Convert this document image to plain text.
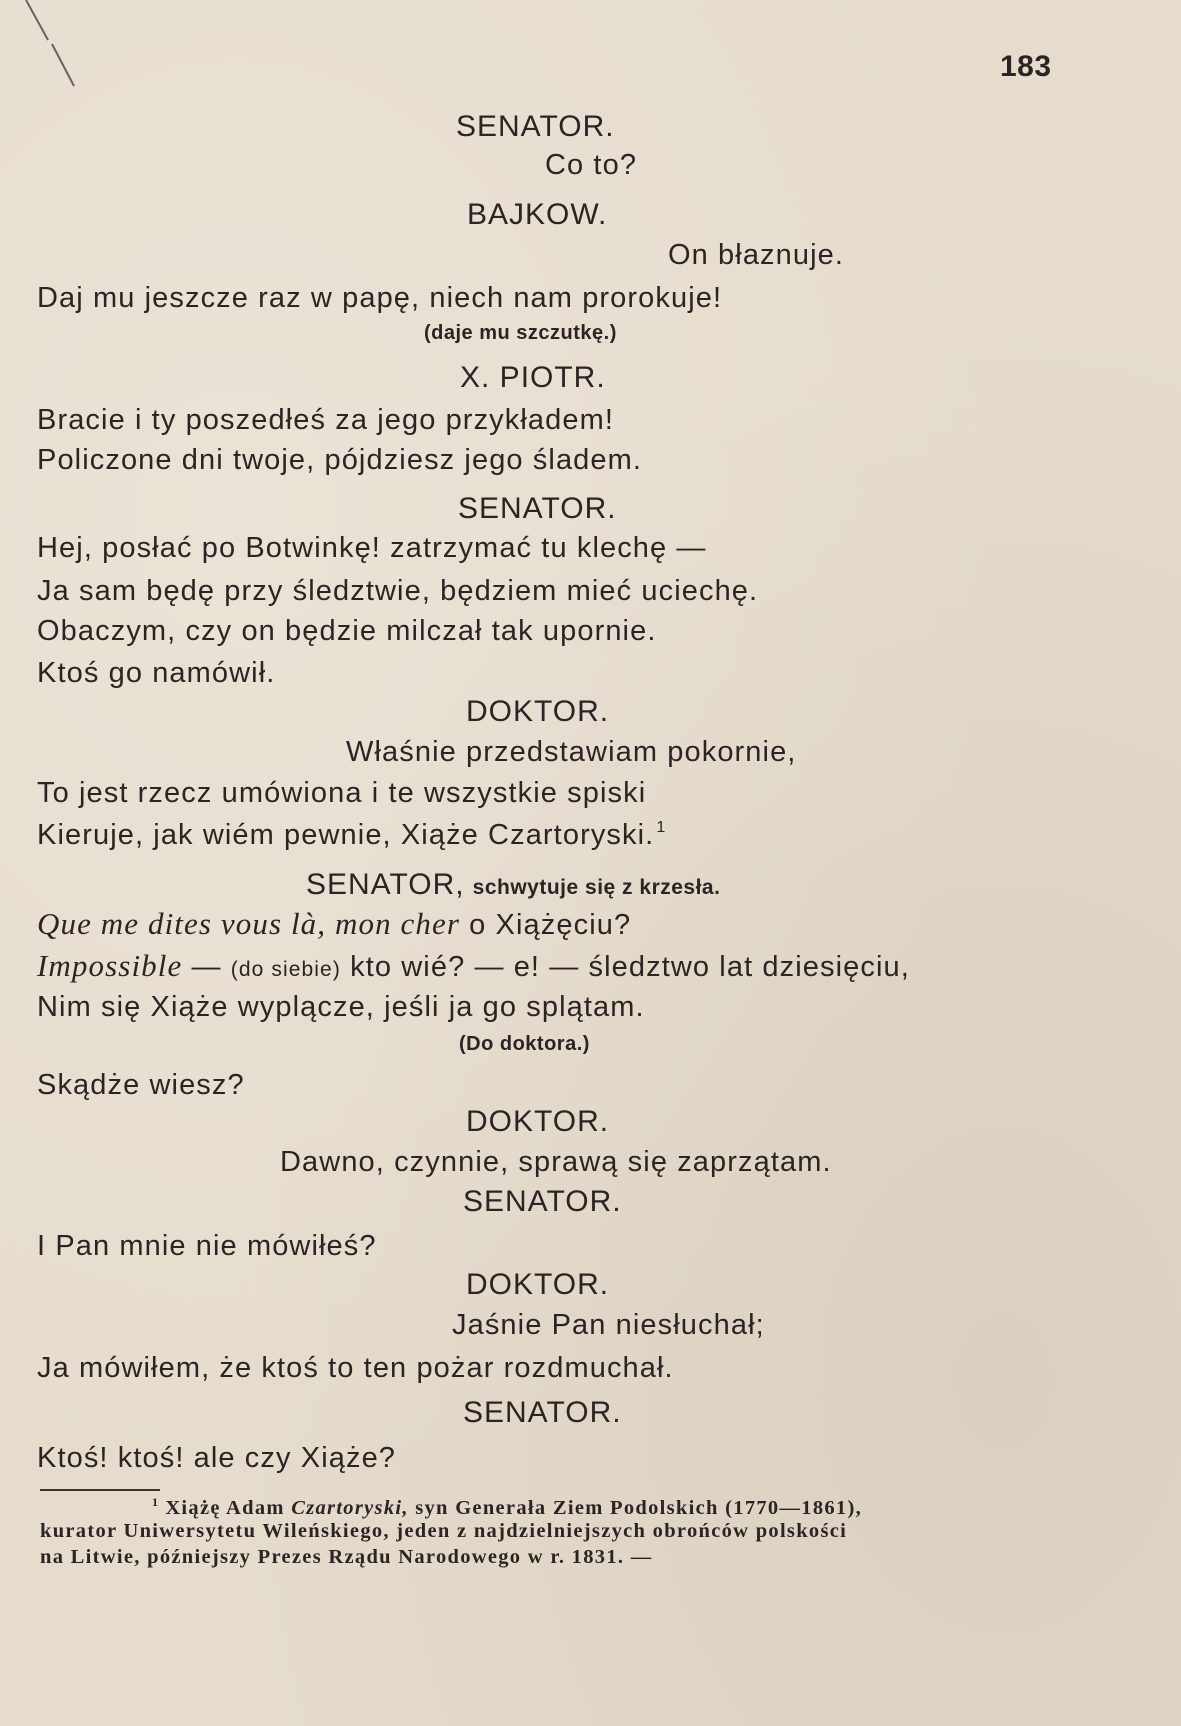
183
SENATOR.
Co to?
BAJKOW.
On błaznuje.
Daj mu jeszcze raz w papę, niech nam prorokuje!
(daje mu szczutkę.)
X. PIOTR.
Bracie i ty poszedłeś za jego przykładem!
Policzone dni twoje, pójdziesz jego śladem.
SENATOR.
Hej, posłać po Botwinkę! zatrzymać tu klechę —
Ja sam będę przy śledztwie, będziem mieć uciechę.
Obaczym, czy on będzie milczał tak upornie.
Ktoś go namówił.
DOKTOR.
Właśnie przedstawiam pokornie,
To jest rzecz umówiona i te wszystkie spiski
Kieruje, jak wiém pewnie, Xiąże Czartoryski. $^1$
SENATOR, schwytuje się z krzesła.
Que me dites vous là, mon cher o Xiążęciu?
Impossible — (do siebie) kto wié? — e! — śledztwo lat dziesięciu,
Nim się Xiąże wyplącze, jeśli ja go splątam.
(Do doktora.)
Skądże wiesz?
DOKTOR.
Dawno, czynnie, sprawą się zaprzątam.
SENATOR.
I Pan mnie nie mówiłeś?
DOKTOR.
Jaśnie Pan niesłuchał;
Ja mówiłem, że ktoś to ten pożar rozdmuchał.
SENATOR.
Ktoś! ktoś! ale czy Xiąże?
$^1$ Xiążę Adam Czartoryski, syn Generała Ziem Podolskich (1770—1861),
kurator Uniwersytetu Wileńskiego, jeden z najdzielniejszych obrońców polskości
na Litwie, późniejszy Prezes Rządu Narodowego w r. 1831. —
